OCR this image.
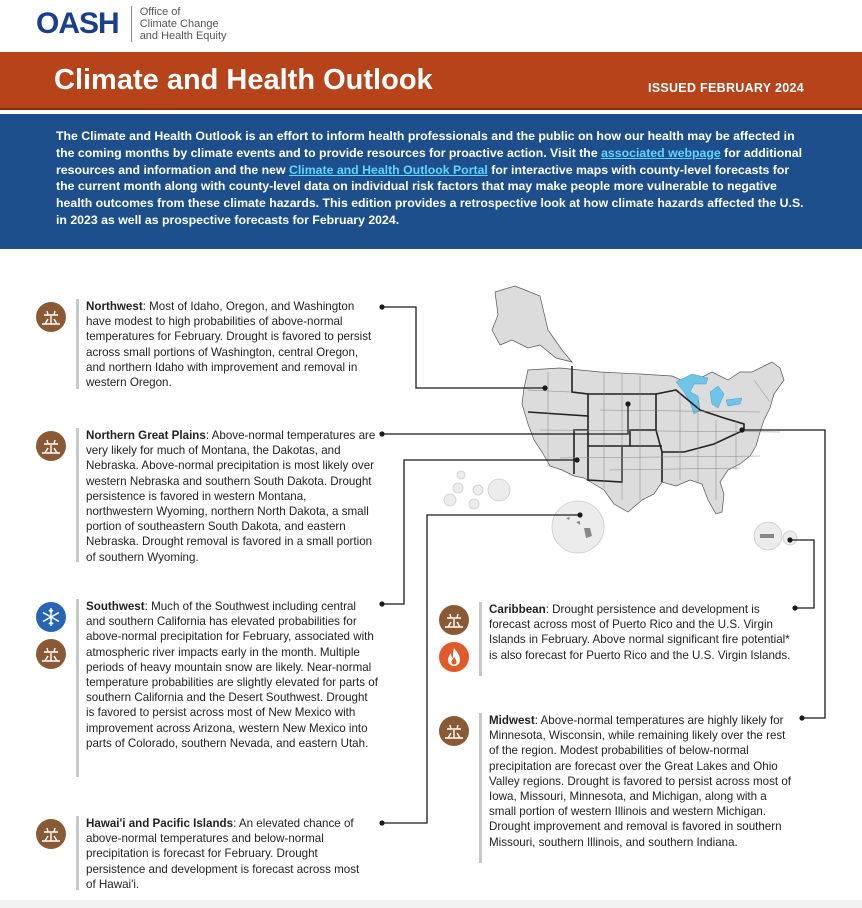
OASH Office of
Climate Change
and Health Equity
Climate and Health Outlook	ISSUED FEBRUARY 2024

The Climate and Health Outlook is an effort to inform health professionals and the public on how our health may be affected in the coming months by climate events and to provide resources for proactive action. Visit the associated webpage for additional resources and information and the new Climate and Health Outlook Portal for interactive maps with county-level forecasts for the current month along with county-level data on individual risk factors that may make people more vulnerable to negative health outcomes from these climate hazards. This edition provides a retrospective look at how climate hazards affected the U.S. in 2023 as well as prospective forecasts for February 2024.

Northwest: Most of Idaho, Oregon, and Washington have modest to high probabilities of above-normal temperatures for February. Drought is favored to persist across small portions of Washington, central Oregon, and northern Idaho with improvement and removal in western Oregon.
Northern Great Plains: Above-normal temperatures are very likely for much of Montana, the Dakotas, and Nebraska. Above-normal precipitation is most likely over western Nebraska and southern South Dakota. Drought persistence is favored in western Montana, northwestern Wyoming, northern North Dakota, a small portion of southeastern South Dakota, and eastern Nebraska. Drought removal is favored in a small portion of southern Wyoming.
Southwest: Much of the Southwest including central and southern California has elevated probabilities for above-normal precipitation for February, associated with atmospheric river impacts early in the month. Multiple periods of heavy mountain snow are likely. Near-normal temperature probabilities are slightly elevated for parts of southern California and the Desert Southwest. Drought is favored to persist across most of New Mexico with improvement across Arizona, western New Mexico into parts of Colorado, southern Nevada, and eastern Utah.
Hawai'i and Pacific Islands: An elevated chance of above-normal temperatures and below-normal precipitation is forecast for February. Drought persistence and development is forecast across most of Hawai'i.
Caribbean: Drought persistence and development is forecast across most of Puerto Rico and the U.S. Virgin Islands in February. Above normal significant fire potential* is also forecast for Puerto Rico and the U.S. Virgin Islands.
Midwest: Above-normal temperatures are highly likely for Minnesota, Wisconsin, while remaining likely over the rest of the region. Modest probabilities of below-normal precipitation are forecast over the Great Lakes and Ohio Valley regions. Drought is favored to persist across most of Iowa, Missouri, Minnesota, and Michigan, along with a small portion of western Illinois and western Michigan. Drought improvement and removal is favored in southern Missouri, southern Illinois, and southern Indiana.
